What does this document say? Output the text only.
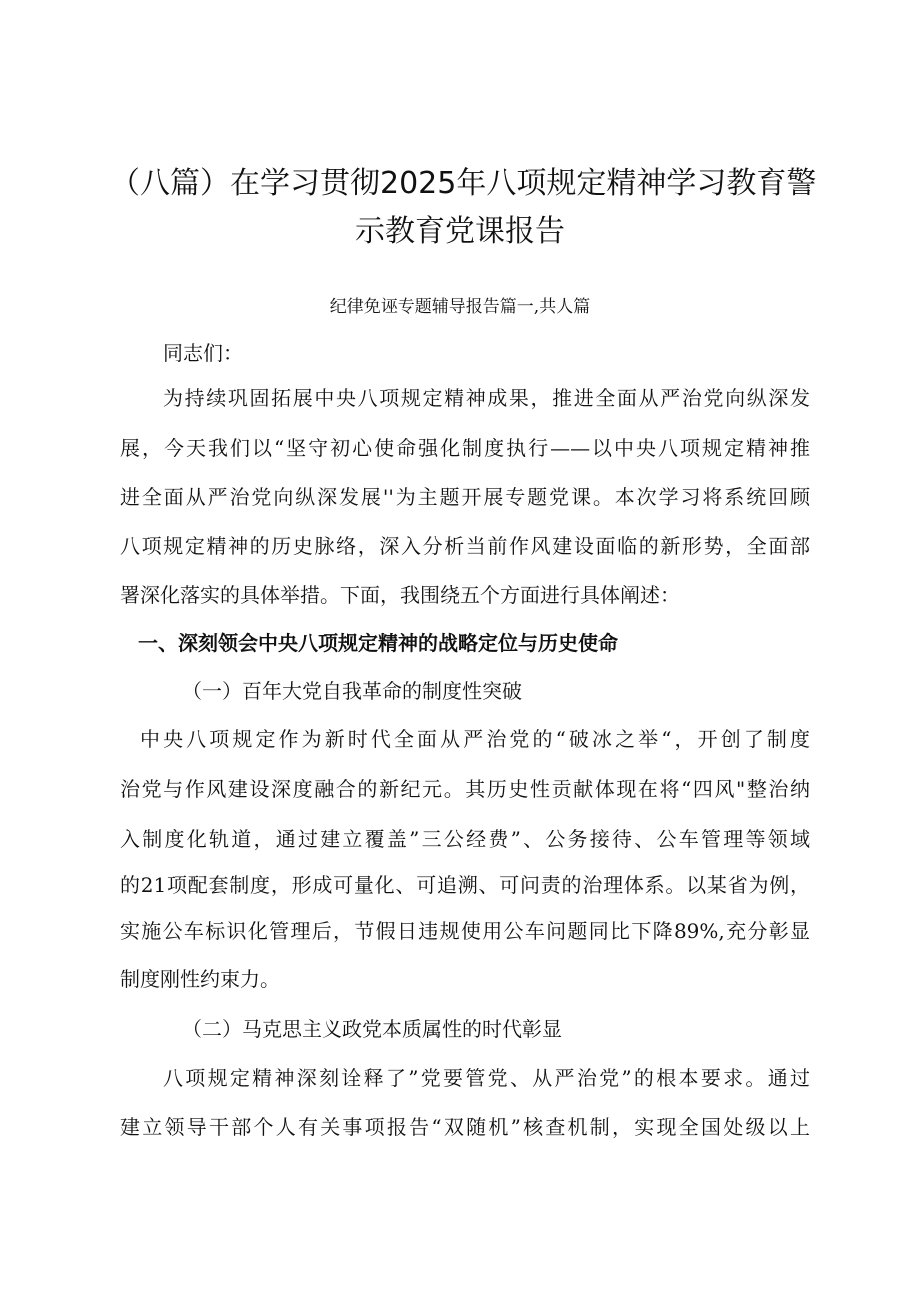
（八篇）在学习贯彻2025年八项规定精神学习教育警
示教育党课报告
纪律免诬专题辅导报告篇一,共人篇
同志们：
为持续巩固拓展中央八项规定精神成果，推进全面从严治党向纵深发
展，今天我们以“坚守初心使命强化制度执行——以中央八项规定精神推
进全面从严治党向纵深发展''为主题开展专题党课。本次学习将系统回顾
八项规定精神的历史脉络，深入分析当前作风建设面临的新形势，全面部
署深化落实的具体举措。下面，我围绕五个方面进行具体阐述：
一、深刻领会中央八项规定精神的战略定位与历史使命
（一）百年大党自我革命的制度性突破
中央八项规定作为新时代全面从严治党的“破冰之举“，开创了制度
治党与作风建设深度融合的新纪元。其历史性贡献体现在将“四风"整治纳
入制度化轨道，通过建立覆盖”三公经费”、公务接待、公车管理等领域
的21项配套制度，形成可量化、可追溯、可问责的治理体系。以某省为例，
实施公车标识化管理后，节假日违规使用公车问题同比下降89%,充分彰显
制度刚性约束力。
（二）马克思主义政党本质属性的时代彰显
八项规定精神深刻诠释了”党要管党、从严治党”的根本要求。通过
建立领导干部个人有关事项报告“双随机”核查机制，实现全国处级以上
